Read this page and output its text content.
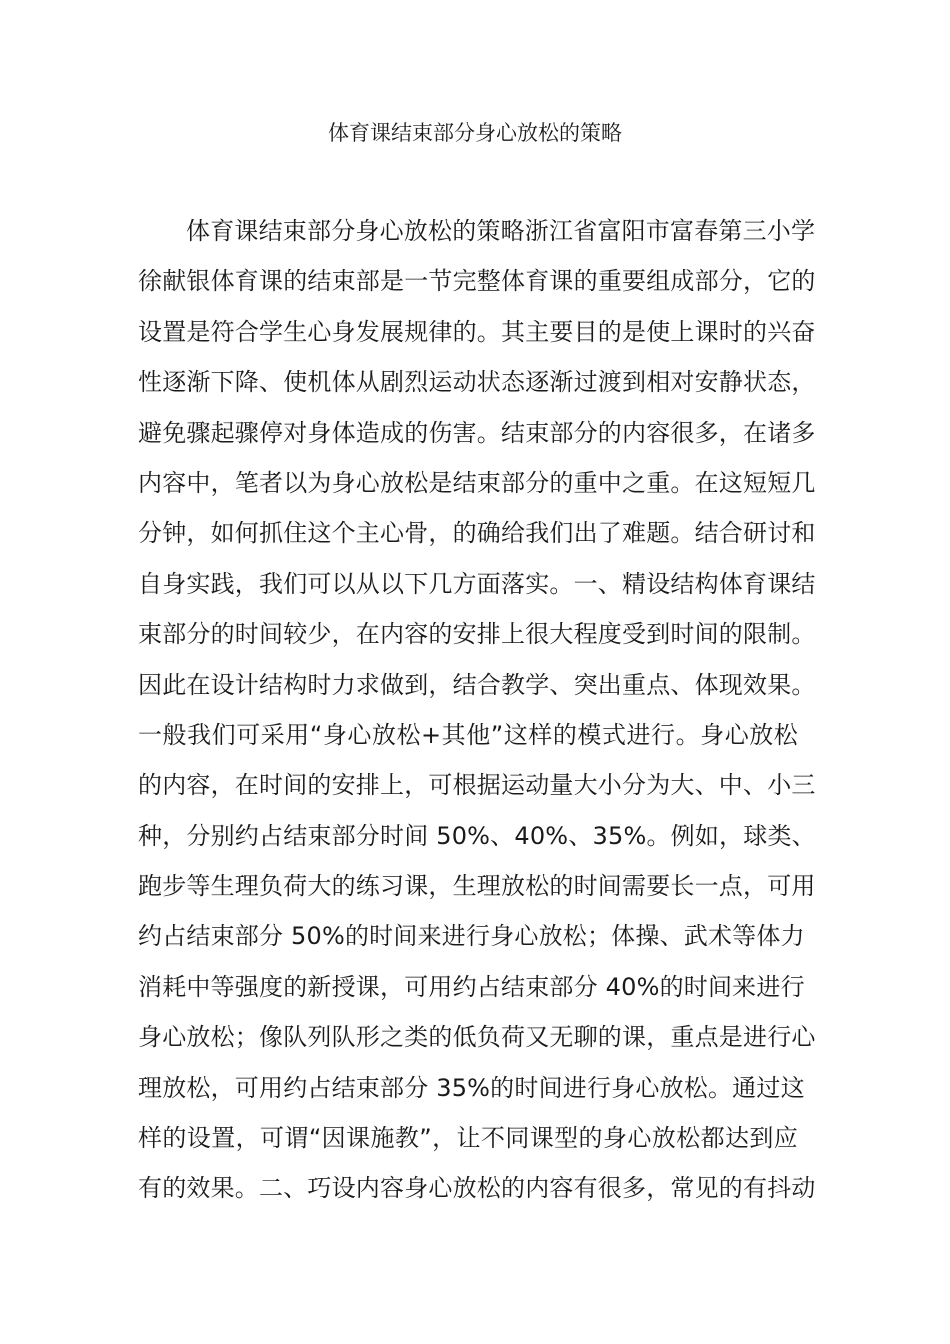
体育课结束部分身心放松的策略
体育课结束部分身心放松的策略浙江省富阳市富春第三小学
徐献银体育课的结束部是一节完整体育课的重要组成部分，它的
设置是符合学生心身发展规律的。其主要目的是使上课时的兴奋
性逐渐下降、使机体从剧烈运动状态逐渐过渡到相对安静状态，
避免骤起骤停对身体造成的伤害。结束部分的内容很多，在诸多
内容中，笔者以为身心放松是结束部分的重中之重。在这短短几
分钟，如何抓住这个主心骨，的确给我们出了难题。结合研讨和
自身实践，我们可以从以下几方面落实。一、精设结构体育课结
束部分的时间较少，在内容的安排上很大程度受到时间的限制。
因此在设计结构时力求做到，结合教学、突出重点、体现效果。
一般我们可采用“身心放松+其他”这样的模式进行。身心放松
的内容，在时间的安排上，可根据运动量大小分为大、中、小三
种，分别约占结束部分时间 50%、40%、35%。例如，球类、
跑步等生理负荷大的练习课，生理放松的时间需要长一点，可用
约占结束部分 50%的时间来进行身心放松；体操、武术等体力
消耗中等强度的新授课，可用约占结束部分 40%的时间来进行
身心放松；像队列队形之类的低负荷又无聊的课，重点是进行心
理放松，可用约占结束部分 35%的时间进行身心放松。通过这
样的设置，可谓“因课施教”，让不同课型的身心放松都达到应
有的效果。二、巧设内容身心放松的内容有很多，常见的有抖动
